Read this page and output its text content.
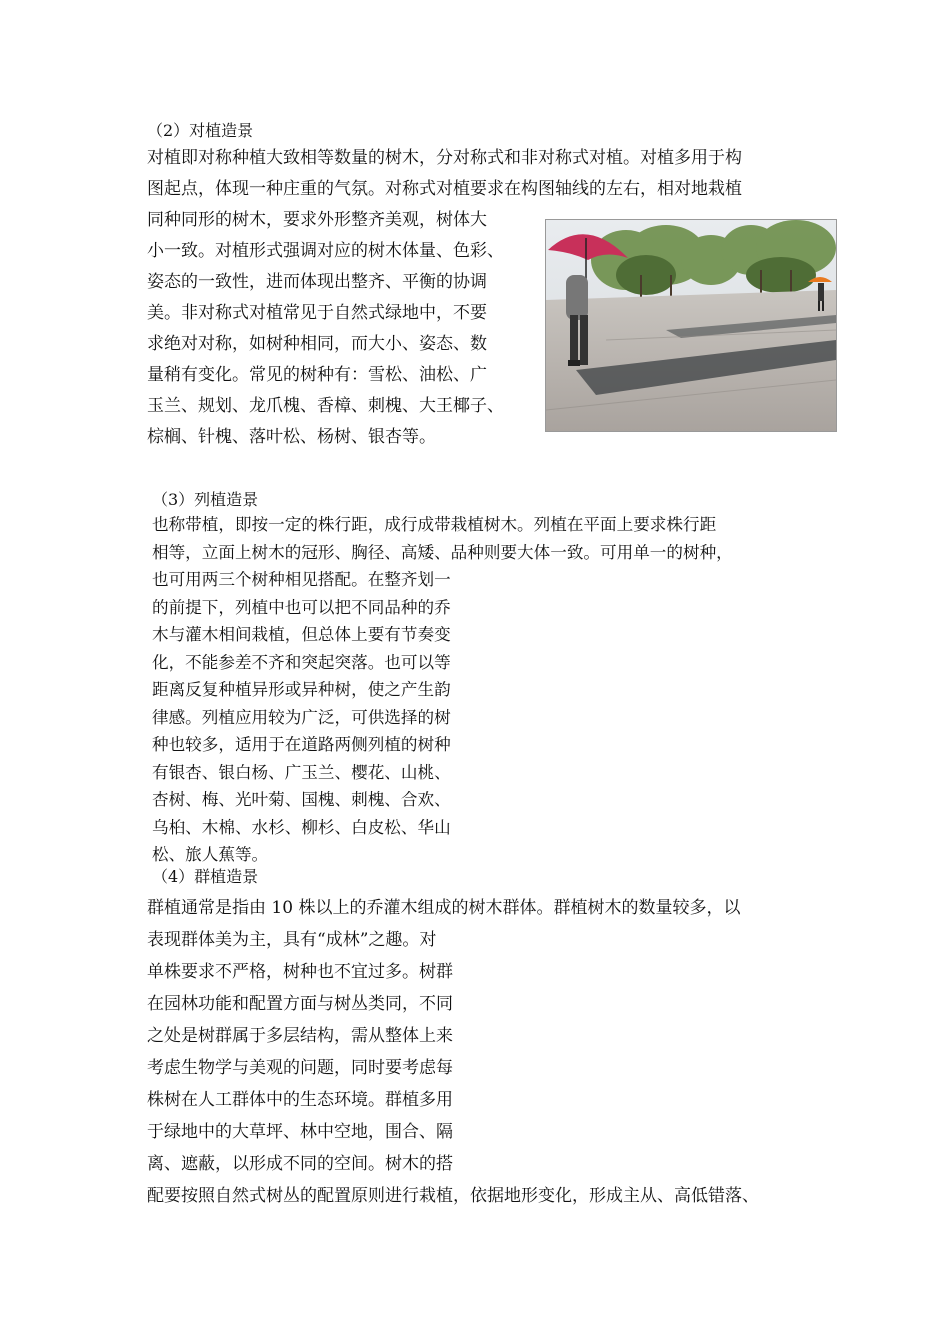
（2）对植造景
对植即对称种植大致相等数量的树木，分对称式和非对称式对植。对植多用于构
图起点，体现一种庄重的气氛。对称式对植要求在构图轴线的左右，相对地栽植
同种同形的树木，要求外形整齐美观，树体大
小一致。对植形式强调对应的树木体量、色彩、
姿态的一致性，进而体现出整齐、平衡的协调
美。非对称式对植常见于自然式绿地中，不要
求绝对对称，如树种相同，而大小、姿态、数
量稍有变化。常见的树种有：雪松、油松、广
玉兰、规划、龙爪槐、香樟、刺槐、大王椰子、
棕榈、针槐、落叶松、杨树、银杏等。
（3）列植造景
也称带植，即按一定的株行距，成行成带栽植树木。列植在平面上要求株行距
相等，立面上树木的冠形、胸径、高矮、品种则要大体一致。可用单一的树种，
也可用两三个树种相见搭配。在整齐划一
的前提下，列植中也可以把不同品种的乔
木与灌木相间栽植，但总体上要有节奏变
化，不能参差不齐和突起突落。也可以等
距离反复种植异形或异种树，使之产生韵
律感。列植应用较为广泛，可供选择的树
种也较多，适用于在道路两侧列植的树种
有银杏、银白杨、广玉兰、樱花、山桃、
杏树、梅、光叶菊、国槐、刺槐、合欢、
乌桕、木棉、水杉、柳杉、白皮松、华山
松、旅人蕉等。
（4）群植造景
群植通常是指由 10 株以上的乔灌木组成的树木群体。群植树木的数量较多，以
表现群体美为主，具有“成林”之趣。对
单株要求不严格，树种也不宜过多。树群
在园林功能和配置方面与树丛类同，不同
之处是树群属于多层结构，需从整体上来
考虑生物学与美观的问题，同时要考虑每
株树在人工群体中的生态环境。群植多用
于绿地中的大草坪、林中空地，围合、隔
离、遮蔽，以形成不同的空间。树木的搭
配要按照自然式树丛的配置原则进行栽植，依据地形变化，形成主从、高低错落、
